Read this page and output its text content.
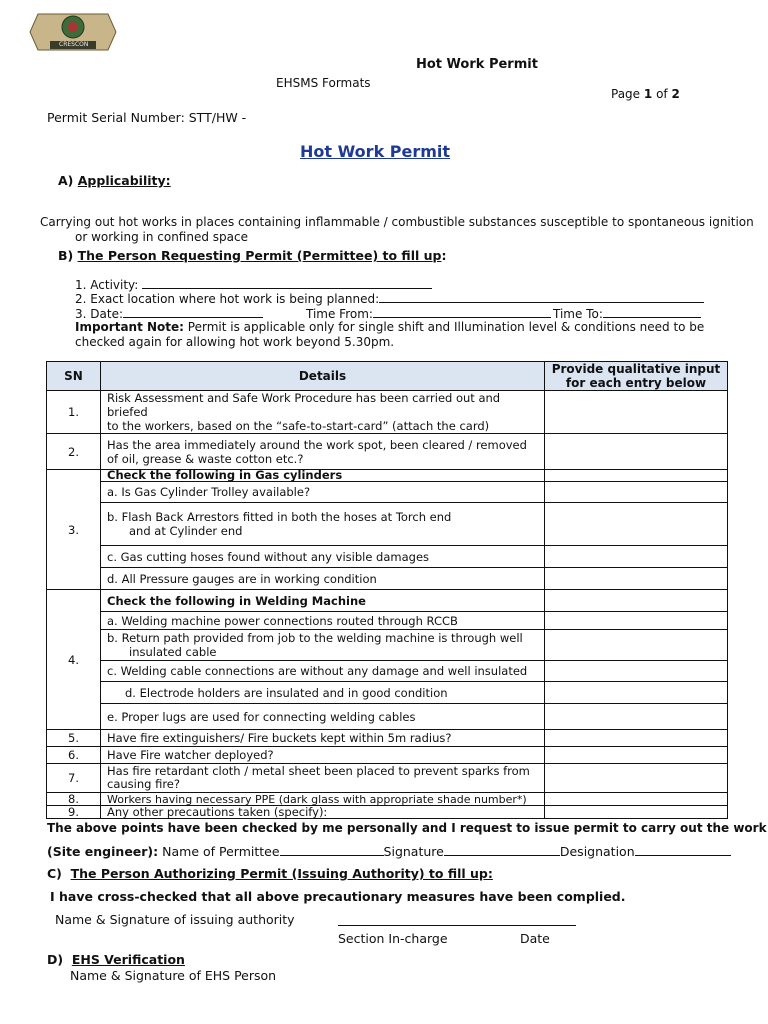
CRESCON
Hot Work Permit
EHSMS Formats
Page 1 of 2
Permit Serial Number: STT/HW -
Hot Work Permit
A) Applicability:
Carrying out hot works in places containing inflammable / combustible substances susceptible to spontaneous ignition
or working in confined space
B) The Person Requesting Permit (Permittee) to fill up:
1. Activity:
2. Exact location where hot work is being planned:
3. Date:	Time From:	Time To:
Important Note: Permit is applicable only for single shift and Illumination level & conditions need to be
checked again for allowing hot work beyond 5.30pm.
SN	Details	Provide qualitative input
for each entry below
1.	Risk Assessment and Safe Work Procedure has been carried out and briefed
to the workers, based on the “safe-to-start-card” (attach the card)	
2.	Has the area immediately around the work spot, been cleared / removed
of oil, grease & waste cotton etc.?	
3.	Check the following in Gas cylinders	
	a. Is Gas Cylinder Trolley available?	
	b. Flash Back Arrestors fitted in both the hoses at Torch end
and at Cylinder end	
	c. Gas cutting hoses found without any visible damages	
	d. All Pressure gauges are in working condition	
4.	Check the following in Welding Machine	
	a. Welding machine power connections routed through RCCB	
	b. Return path provided from job to the welding machine is through well
insulated cable	
	c. Welding cable connections are without any damage and well insulated	
	d. Electrode holders are insulated and in good condition	
	e. Proper lugs are used for connecting welding cables	
5.	Have fire extinguishers/ Fire buckets kept within 5m radius?	
6.	Have Fire watcher deployed?	
7.	Has fire retardant cloth / metal sheet been placed to prevent sparks from
causing fire?	
8.	Workers having necessary PPE (dark glass with appropriate shade number*)	
9.	Any other precautions taken (specify):	
The above points have been checked by me personally and I request to issue permit to carry out the work
(Site engineer): Name of Permittee	Signature	Designation
C) The Person Authorizing Permit (Issuing Authority) to fill up:
I have cross-checked that all above precautionary measures have been complied.
Name & Signature of issuing authority
Section In-charge	Date
D) EHS Verification
Name & Signature of EHS Person
